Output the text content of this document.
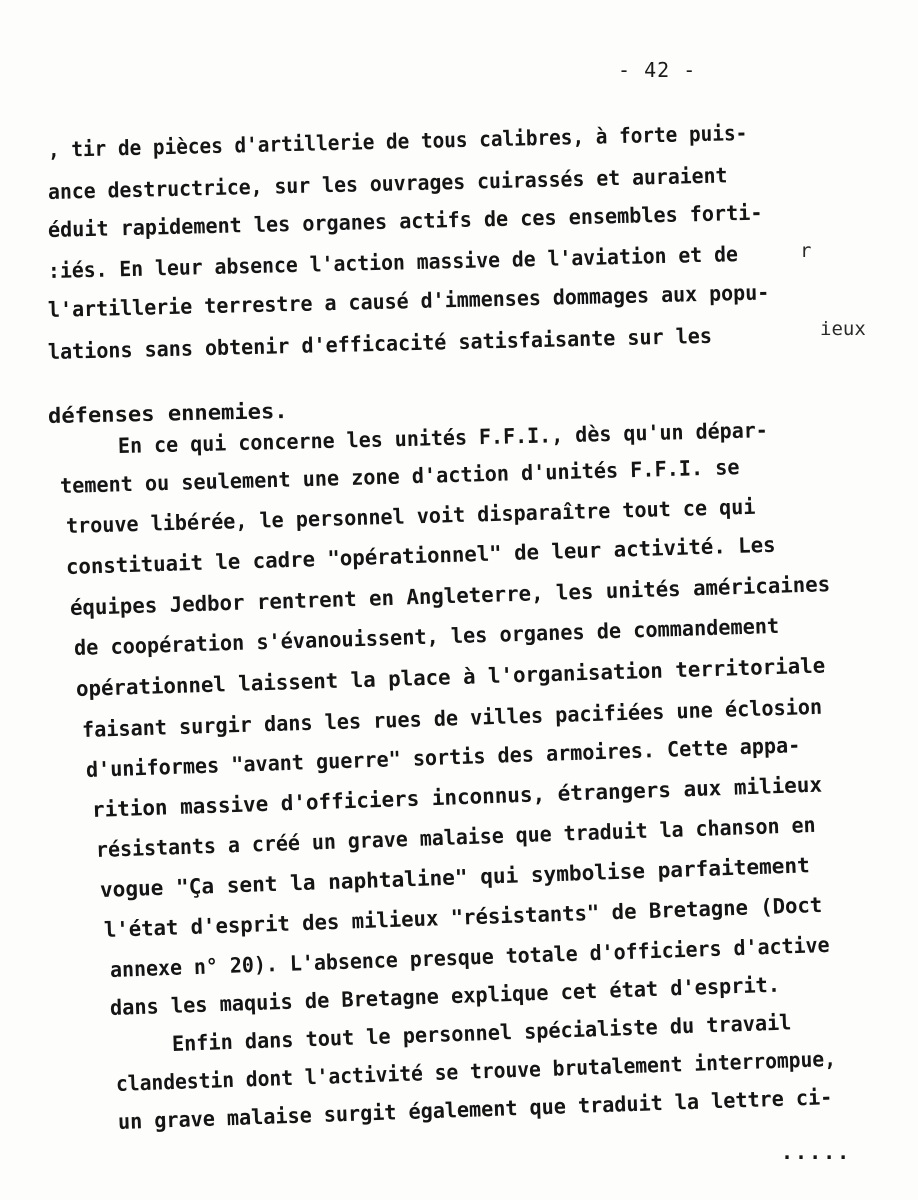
- 42 -
, tir de pièces d'artillerie de tous calibres, à forte puis-
ance destructrice, sur les ouvrages cuirassés et auraient
éduit rapidement les organes actifs de ces ensembles forti-
:iés. En leur absence l'action massive de l'aviation et de
l'artillerie terrestre a causé d'immenses dommages aux popu-
lations sans obtenir d'efficacité satisfaisante sur les
défenses ennemies.
En ce qui concerne les unités F.F.I., dès qu'un dépar-
tement ou seulement une zone d'action d'unités F.F.I. se
trouve libérée, le personnel voit disparaître tout ce qui
constituait le cadre "opérationnel" de leur activité. Les
équipes Jedbor rentrent en Angleterre, les unités américaines
de coopération s'évanouissent, les organes de commandement
opérationnel laissent la place à l'organisation territoriale
faisant surgir dans les rues de villes pacifiées une éclosion
d'uniformes "avant guerre" sortis des armoires. Cette appa-
rition massive d'officiers inconnus, étrangers aux milieux
résistants a créé un grave malaise que traduit la chanson en
vogue "Ça sent la naphtaline" qui symbolise parfaitement
l'état d'esprit des milieux "résistants" de Bretagne (Doct
annexe n° 20). L'absence presque totale d'officiers d'active
dans les maquis de Bretagne explique cet état d'esprit.
Enfin dans tout le personnel spécialiste du travail
clandestin dont l'activité se trouve brutalement interrompue,
un grave malaise surgit également que traduit la lettre ci-
r
ieux
.....
